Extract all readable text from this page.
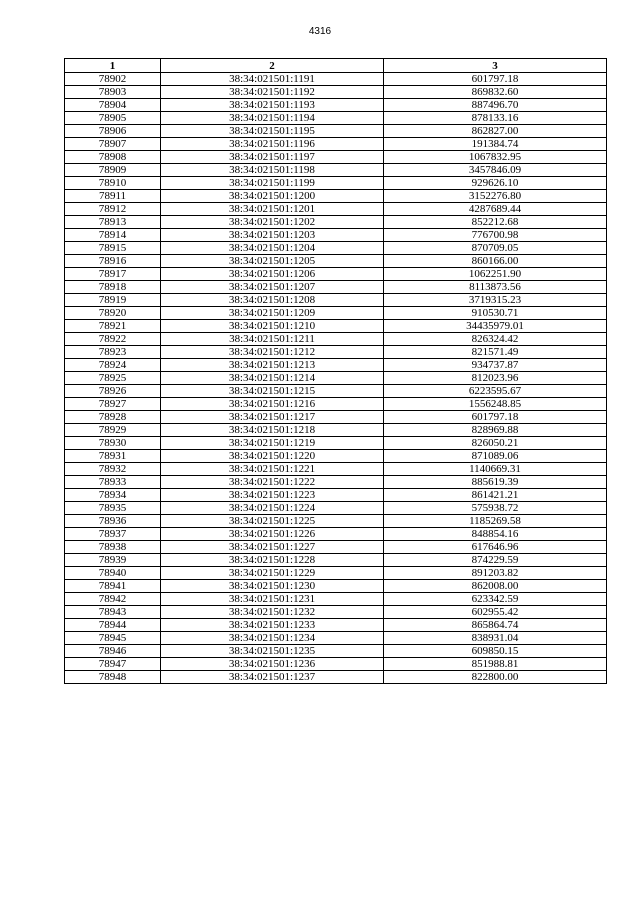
4316
1	2	3
78902	38:34:021501:1191	601797.18
78903	38:34:021501:1192	869832.60
78904	38:34:021501:1193	887496.70
78905	38:34:021501:1194	878133.16
78906	38:34:021501:1195	862827.00
78907	38:34:021501:1196	191384.74
78908	38:34:021501:1197	1067832.95
78909	38:34:021501:1198	3457846.09
78910	38:34:021501:1199	929626.10
78911	38:34:021501:1200	3152276.80
78912	38:34:021501:1201	4287689.44
78913	38:34:021501:1202	852212.68
78914	38:34:021501:1203	776700.98
78915	38:34:021501:1204	870709.05
78916	38:34:021501:1205	860166.00
78917	38:34:021501:1206	1062251.90
78918	38:34:021501:1207	8113873.56
78919	38:34:021501:1208	3719315.23
78920	38:34:021501:1209	910530.71
78921	38:34:021501:1210	34435979.01
78922	38:34:021501:1211	826324.42
78923	38:34:021501:1212	821571.49
78924	38:34:021501:1213	934737.87
78925	38:34:021501:1214	812023.96
78926	38:34:021501:1215	6223595.67
78927	38:34:021501:1216	1556248.85
78928	38:34:021501:1217	601797.18
78929	38:34:021501:1218	828969.88
78930	38:34:021501:1219	826050.21
78931	38:34:021501:1220	871089.06
78932	38:34:021501:1221	1140669.31
78933	38:34:021501:1222	885619.39
78934	38:34:021501:1223	861421.21
78935	38:34:021501:1224	575938.72
78936	38:34:021501:1225	1185269.58
78937	38:34:021501:1226	848854.16
78938	38:34:021501:1227	617646.96
78939	38:34:021501:1228	874229.59
78940	38:34:021501:1229	891203.82
78941	38:34:021501:1230	862008.00
78942	38:34:021501:1231	623342.59
78943	38:34:021501:1232	602955.42
78944	38:34:021501:1233	865864.74
78945	38:34:021501:1234	838931.04
78946	38:34:021501:1235	609850.15
78947	38:34:021501:1236	851988.81
78948	38:34:021501:1237	822800.00
